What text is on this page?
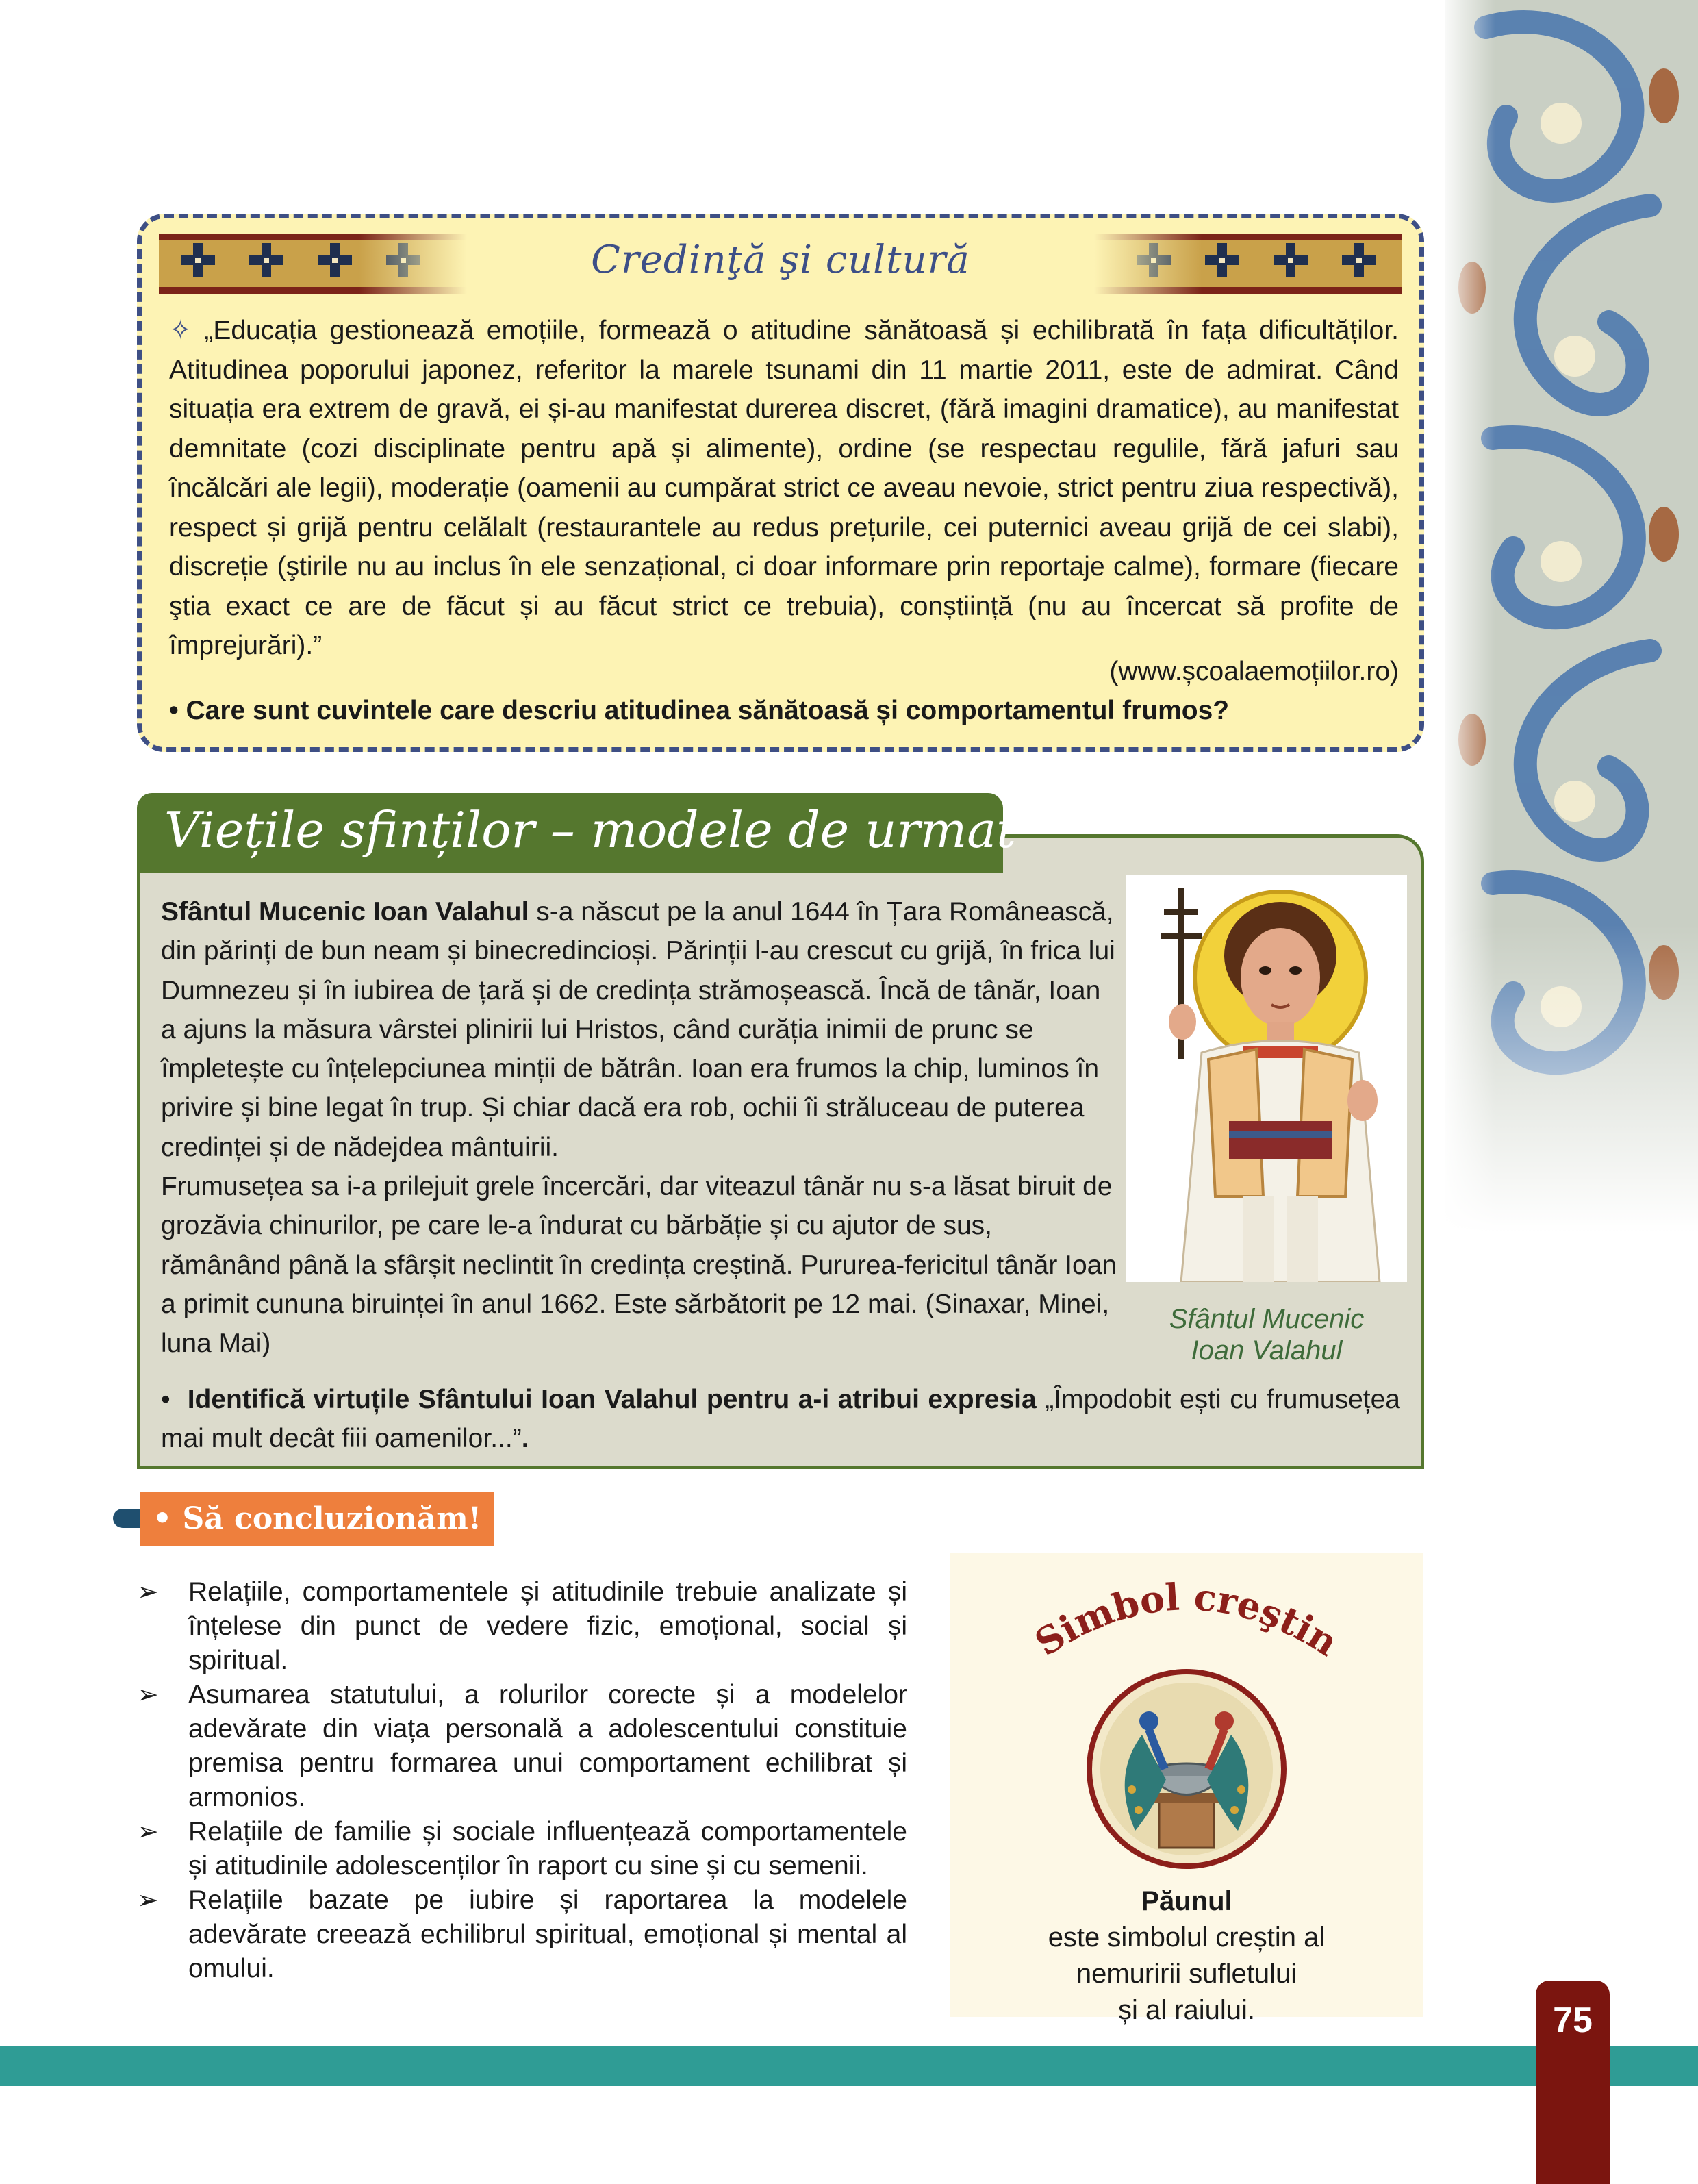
Credinţă şi cultură
✧ „Educația gestionează emoțiile, formează o atitudine sănătoasă și echilibrată în fața dificultăților. Atitudinea poporului japonez, referitor la marele tsunami din 11 martie 2011, este de admirat. Când situația era extrem de gravă, ei și-au manifestat durerea discret, (fără imagini dramatice), au manifestat demnitate (cozi disciplinate pentru apă și alimente), ordine (se respectau regulile, fără jafuri sau încălcări ale legii), moderație (oamenii au cumpărat strict ce aveau nevoie, strict pentru ziua respectivă), respect și grijă pentru celălalt (restaurantele au redus prețurile, cei puternici aveau grijă de cei slabi), discreție (ştirile nu au inclus în ele senzațional, ci doar informare prin reportaje calme), formare (fiecare ştia exact ce are de făcut și au făcut strict ce trebuia), conștiință (nu au încercat să profite de împrejurări).”
(www.școalaemoțiilor.ro)
• Care sunt cuvintele care descriu atitudinea sănătoasă și comportamentul frumos?

Sfântul Mucenic Ioan Valahul s-a născut pe la anul 1644 în Țara Românească, din părinți de bun neam și binecredincioși. Părinții l-au crescut cu grijă, în frica lui Dumnezeu și în iubirea de țară și de credința strămoșească. Încă de tânăr, Ioan a ajuns la măsura vârstei plinirii lui Hristos, când curăția inimii de prunc se împletește cu înțelepciunea minții de bătrân. Ioan era frumos la chip, luminos în privire și bine legat în trup. Și chiar dacă era rob, ochii îi străluceau de puterea credinței și de nădejdea mântuirii.

Frumusețea sa i-a prilejuit grele încercări, dar viteazul tânăr nu s-a lăsat biruit de grozăvia chinurilor, pe care le-a îndurat cu bărbăție și cu ajutor de sus, rămânând până la sfârșit neclintit în credința creștină. Pururea-fericitul tânăr Ioan a primit cununa biruinței în anul 1662. Este sărbătorit pe 12 mai. (Sinaxar, Minei, luna Mai)

Sfântul Mucenic
Ioan Valahul
• Identifică virtuțile Sfântului Ioan Valahul pentru a-i atribui expresia „Împodobit ești cu frumusețea mai mult decât fiii oamenilor...”.
Viețile sfinților – modele de urmat
• Să concluzionăm!
➢ Relațiile, comportamentele și atitudinile trebuie analizate și înțelese din punct de vedere fizic, emoțional, social și spiritual.
➢ Asumarea statutului, a rolurilor corecte și a modelelor adevărate din viața personală a adolescentului constituie premisa pentru formarea unui comportament echilibrat și armonios.
➢ Relațiile de familie și sociale influențează comportamentele și atitudinile adolescenților în raport cu sine și cu semenii.
➢ Relațiile bazate pe iubire și raportarea la modelele adevărate creează echilibrul spiritual, emoțional și mental al omului.
Simbol creştin
Păunul
este simbolul creștin al
nemuririi sufletului
și al raiului.	75
